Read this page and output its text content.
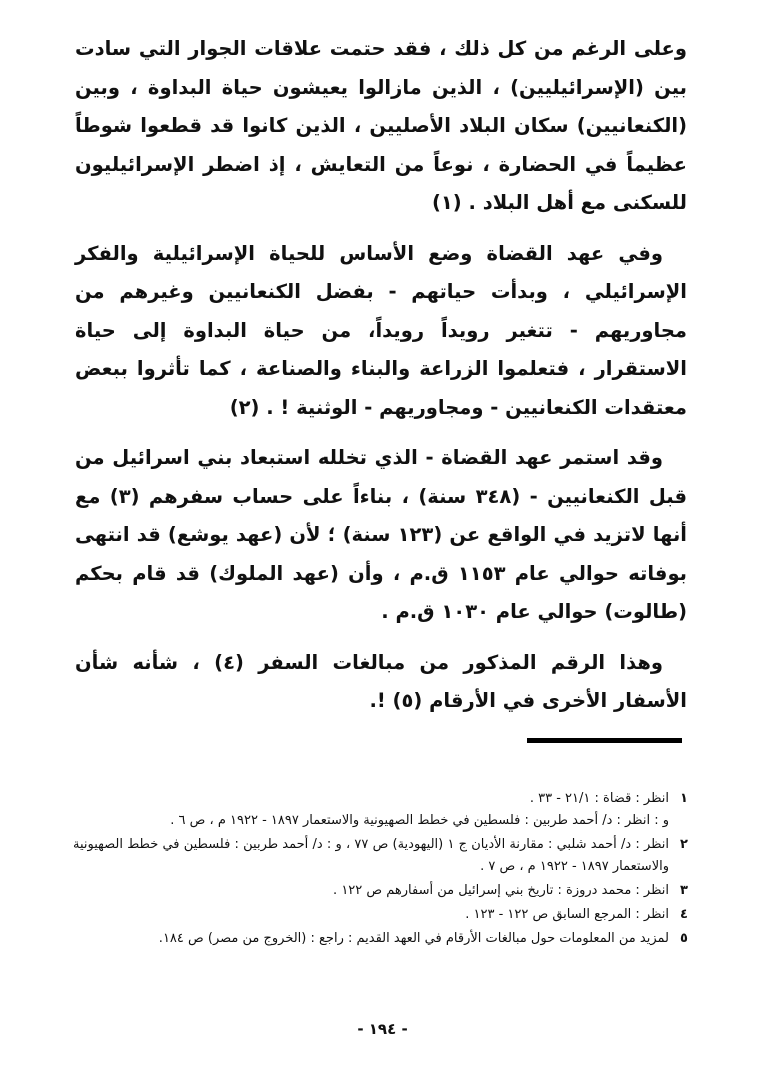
وعلى الرغم من كل ذلك ، فقد حتمت علاقات الجوار التي سادت بين (الإسرائيليين) ، الذين مازالوا يعيشون حياة البداوة ، وبين (الكنعانيين) سكان البلاد الأصليين ، الذين كانوا قد قطعوا شوطاً عظيماً في الحضارة ، نوعاً من التعايش ، إذ اضطر الإسرائيليون للسكنى مع أهل البلاد . (١)

وفي عهد القضاة وضع الأساس للحياة الإسرائيلية والفكر الإسرائيلي ، وبدأت حياتهم - بفضل الكنعانيين وغيرهم من مجاوريهم - تتغير رويداً رويداً، من حياة البداوة إلى حياة الاستقرار ، فتعلموا الزراعة والبناء والصناعة ، كما تأثروا ببعض معتقدات الكنعانيين - ومجاوريهم - الوثنية ! . (٢)

وقد استمر عهد القضاة - الذي تخلله استبعاد بني اسرائيل من قبل الكنعانيين - (٣٤٨ سنة) ، بناءاً على حساب سفرهم (٣) مع أنها لاتزيد في الواقع عن (١٢٣ سنة) ؛ لأن (عهد يوشع) قد انتهى بوفاته حوالي عام ١١٥٣ ق.م ، وأن (عهد الملوك) قد قام بحكم (طالوت) حوالي عام ١٠٣٠ ق.م .

وهذا الرقم المذكور من مبالغات السفر (٤) ، شأنه شأن الأسفار الأخرى في الأرقام (٥) !.

١
انظر : قضاة : ٢١/١ - ٣٣ .
و : انظر : د/ أحمد طربين : فلسطين في خطط الصهيونية والاستعمار ١٨٩٧ - ١٩٢٢ م ، ص ٦ .
٢
انظر : د/ أحمد شلبي : مقارنة الأديان ج ١ (اليهودية) ص ٧٧ ، و : د/ أحمد طربين : فلسطين في خطط الصهيونية والاستعمار ١٨٩٧ - ١٩٢٢ م ، ص ٧ .
٣
انظر : محمد دروزة : تاريخ بني إسرائيل من أسفارهم ص ١٢٢ .
٤
انظر : المرجع السابق ص ١٢٢ - ١٢٣ .
٥
لمزيد من المعلومات حول مبالغات الأرقام في العهد القديم : راجع : (الخروج من مصر) ص ١٨٤.
- ١٩٤ -
